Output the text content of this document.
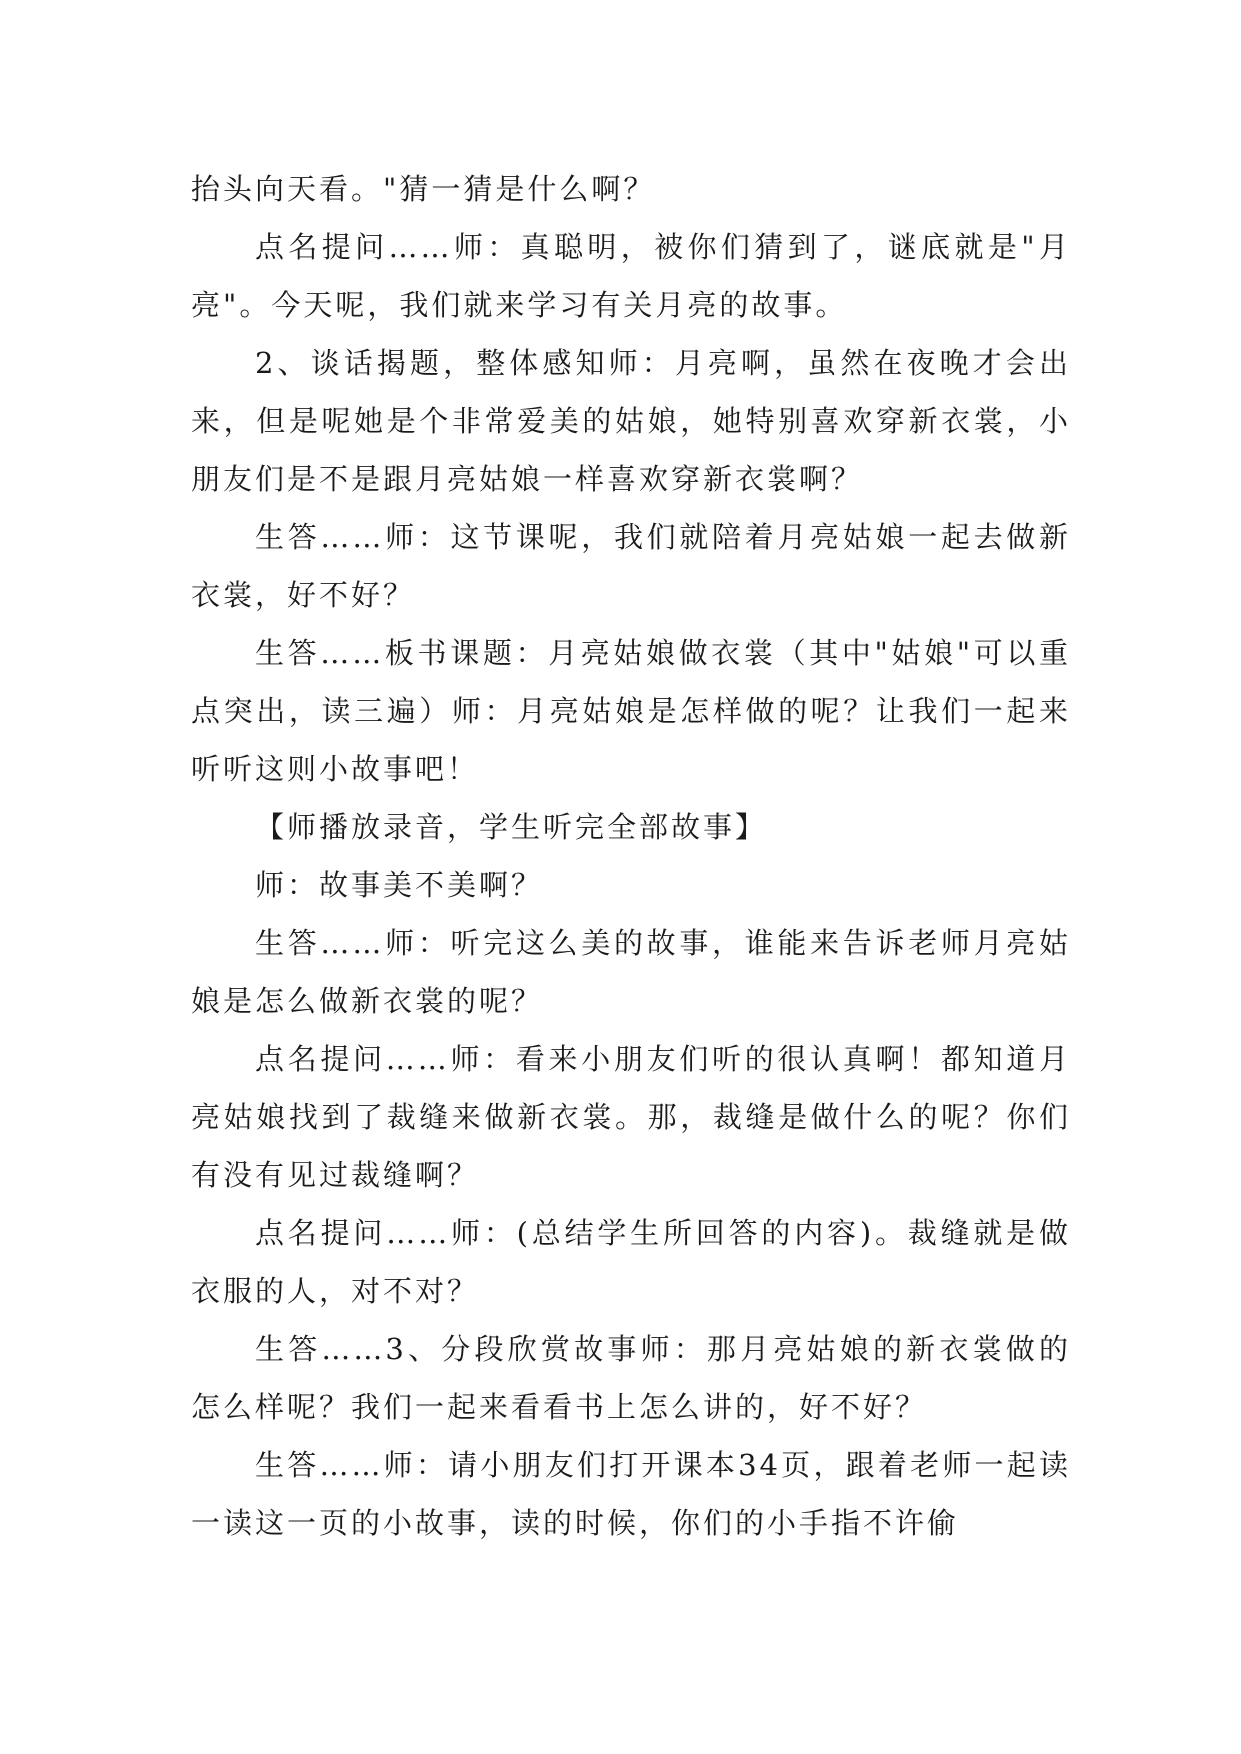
抬头向天看。"猜一猜是什么啊？

点名提问……师：真聪明，被你们猜到了，谜底就是"月亮"。今天呢，我们就来学习有关月亮的故事。

2、谈话揭题，整体感知师：月亮啊，虽然在夜晚才会出来，但是呢她是个非常爱美的姑娘，她特别喜欢穿新衣裳，小朋友们是不是跟月亮姑娘一样喜欢穿新衣裳啊？

生答……师：这节课呢，我们就陪着月亮姑娘一起去做新衣裳，好不好？

生答……板书课题：月亮姑娘做衣裳（其中"姑娘"可以重点突出，读三遍）师：月亮姑娘是怎样做的呢？让我们一起来听听这则小故事吧！

【师播放录音，学生听完全部故事】

师：故事美不美啊？

生答……师：听完这么美的故事，谁能来告诉老师月亮姑娘是怎么做新衣裳的呢？

点名提问……师：看来小朋友们听的很认真啊！都知道月亮姑娘找到了裁缝来做新衣裳。那，裁缝是做什么的呢？你们有没有见过裁缝啊？

点名提问……师：(总结学生所回答的内容)。裁缝就是做衣服的人，对不对？

生答……3、分段欣赏故事师：那月亮姑娘的新衣裳做的怎么样呢？我们一起来看看书上怎么讲的，好不好？

生答……师：请小朋友们打开课本34页，跟着老师一起读一读这一页的小故事，读的时候，你们的小手指不许偷
